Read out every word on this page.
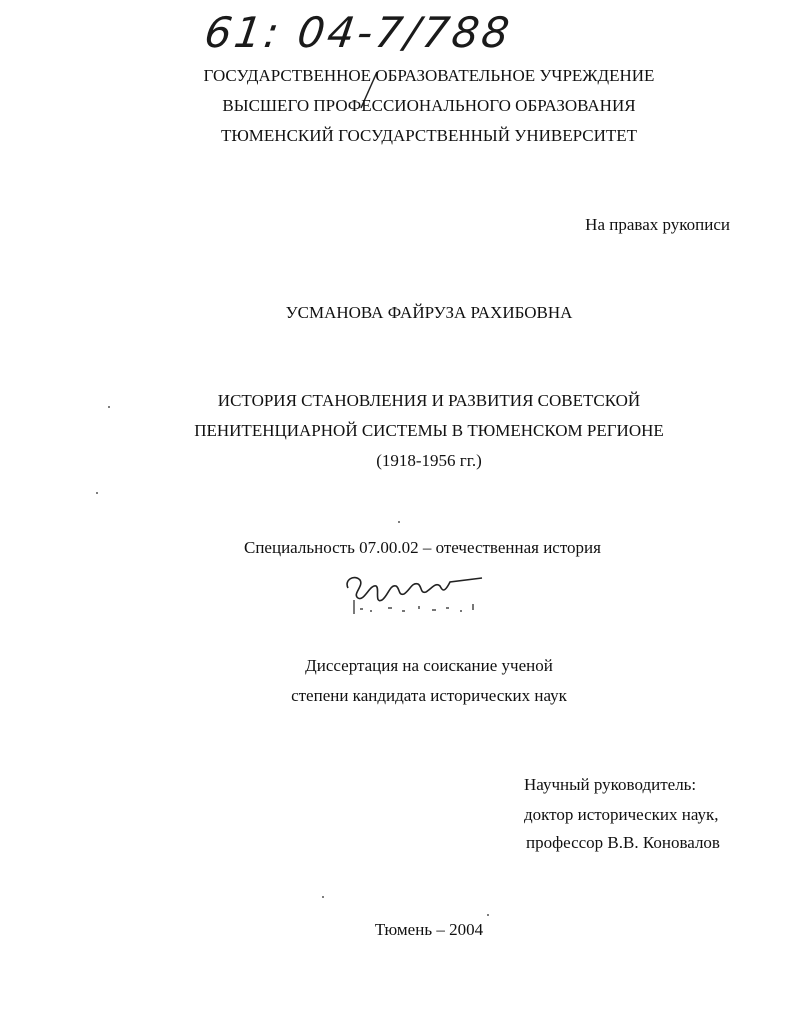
61: 04-7/788
ГОСУДАРСТВЕННОЕ ОБРАЗОВАТЕЛЬНОЕ УЧРЕЖДЕНИЕ
ВЫСШЕГО ПРОФЕССИОНАЛЬНОГО ОБРАЗОВАНИЯ
ТЮМЕНСКИЙ ГОСУДАРСТВЕННЫЙ УНИВЕРСИТЕТ
На правах рукописи
УСМАНОВА ФАЙРУЗА РАХИБОВНА
ИСТОРИЯ СТАНОВЛЕНИЯ И РАЗВИТИЯ СОВЕТСКОЙ
ПЕНИТЕНЦИАРНОЙ СИСТЕМЫ В ТЮМЕНСКОМ РЕГИОНЕ
(1918-1956 гг.)
Специальность 07.00.02 – отечественная история
Диссертация на соискание ученой
степени кандидата исторических наук
Научный руководитель:
доктор исторических наук,
профессор В.В. Коновалов
Тюмень – 2004
